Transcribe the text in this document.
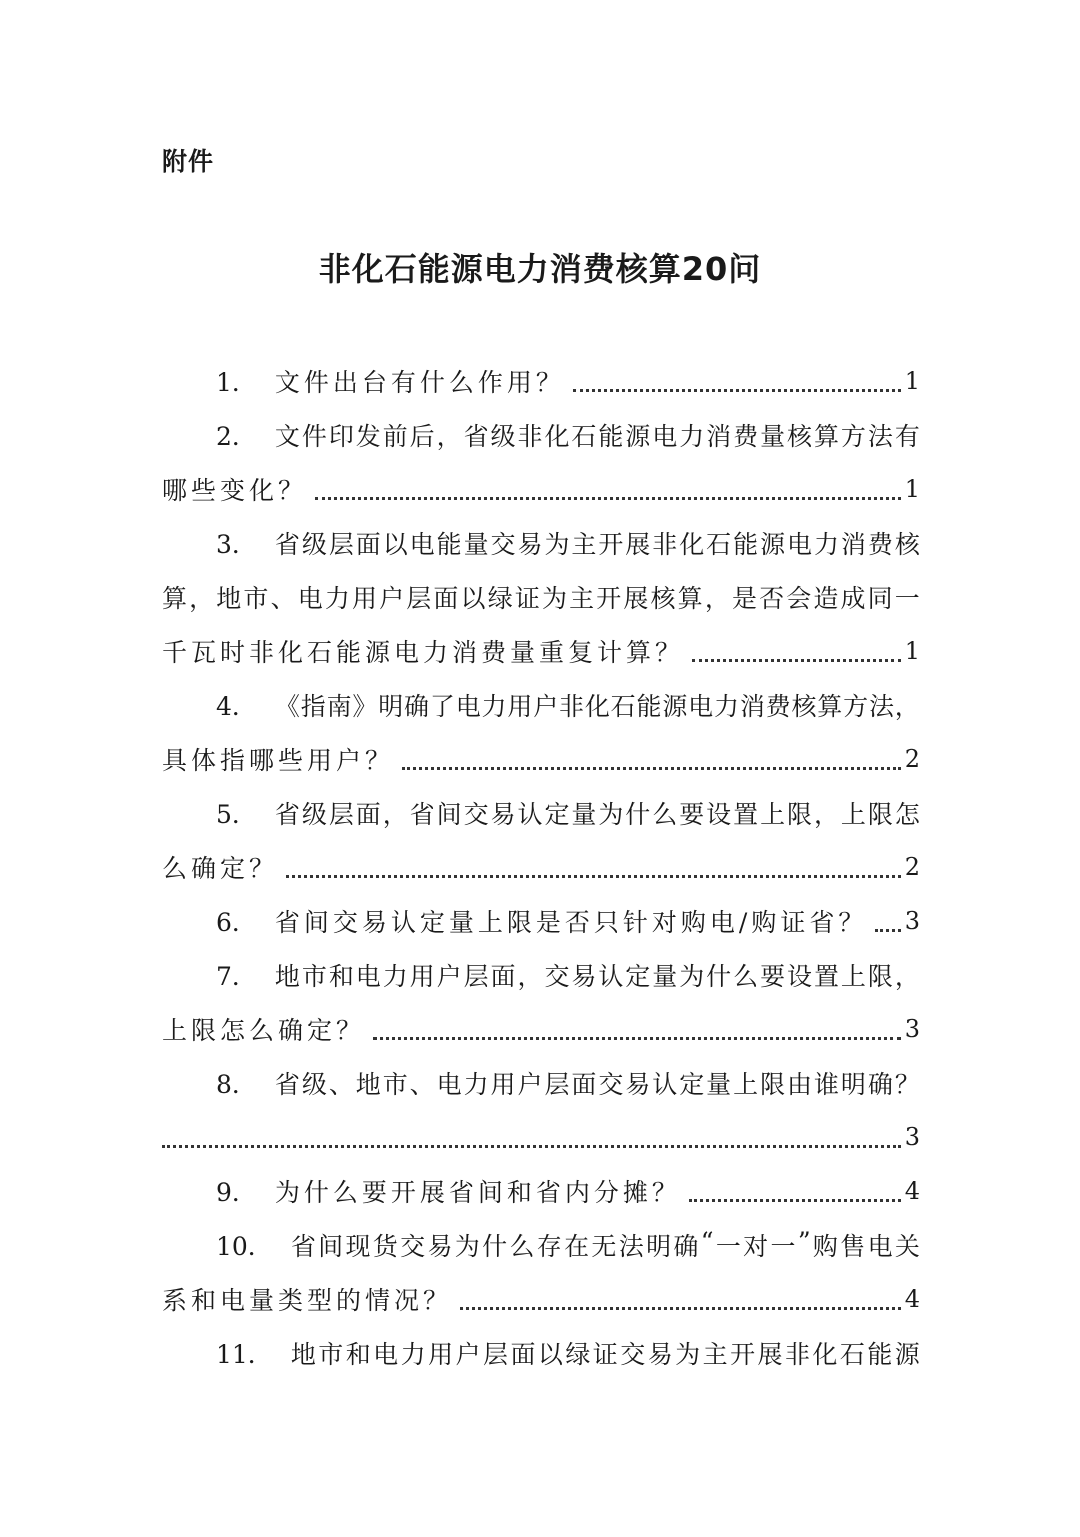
附件
非化石能源电力消费核算20问
1． 文件出台有什么作用？	1
2． 文 件 印 发 前 后 ， 省 级 非 化 石 能 源 电 力 消 费 量 核 算 方 法 有
哪些变化？	1
3． 省 级 层 面 以 电 能 量 交 易 为 主 开 展 非 化 石 能 源 电 力 消 费 核
算 ， 地 市 、 电 力 用 户 层 面 以 绿 证 为 主 开 展 核 算 ， 是 否 会 造 成 同 一
千瓦时非化石能源电力消费量重复计算？	1
4． 《 指 南 》 明 确 了 电 力 用 户 非 化 石 能 源 电 力 消 费 核 算 方 法 ，
具体指哪些用户？	2
5． 省 级 层 面 ， 省 间 交 易 认 定 量 为 什 么 要 设 置 上 限 ， 上 限 怎
么确定？	2
6． 省间交易认定量上限是否只针对购电/购证省？ 3
7． 地 市 和 电 力 用 户 层 面 ， 交 易 认 定 量 为 什 么 要 设 置 上 限 ，
上限怎么确定？	3
8． 省 级 、 地 市 、 电 力 用 户 层 面 交 易 认 定 量 上 限 由 谁 明 确 ？
3
9． 为什么要开展省间和省内分摊？	4
10． 省 间 现 货 交 易 为 什 么 存 在 无 法 明 确 “ 一 对 一 ” 购 售 电 关
系和电量类型的情况？	4
11． 地 市 和 电 力 用 户 层 面 以 绿 证 交 易 为 主 开 展 非 化 石 能 源
